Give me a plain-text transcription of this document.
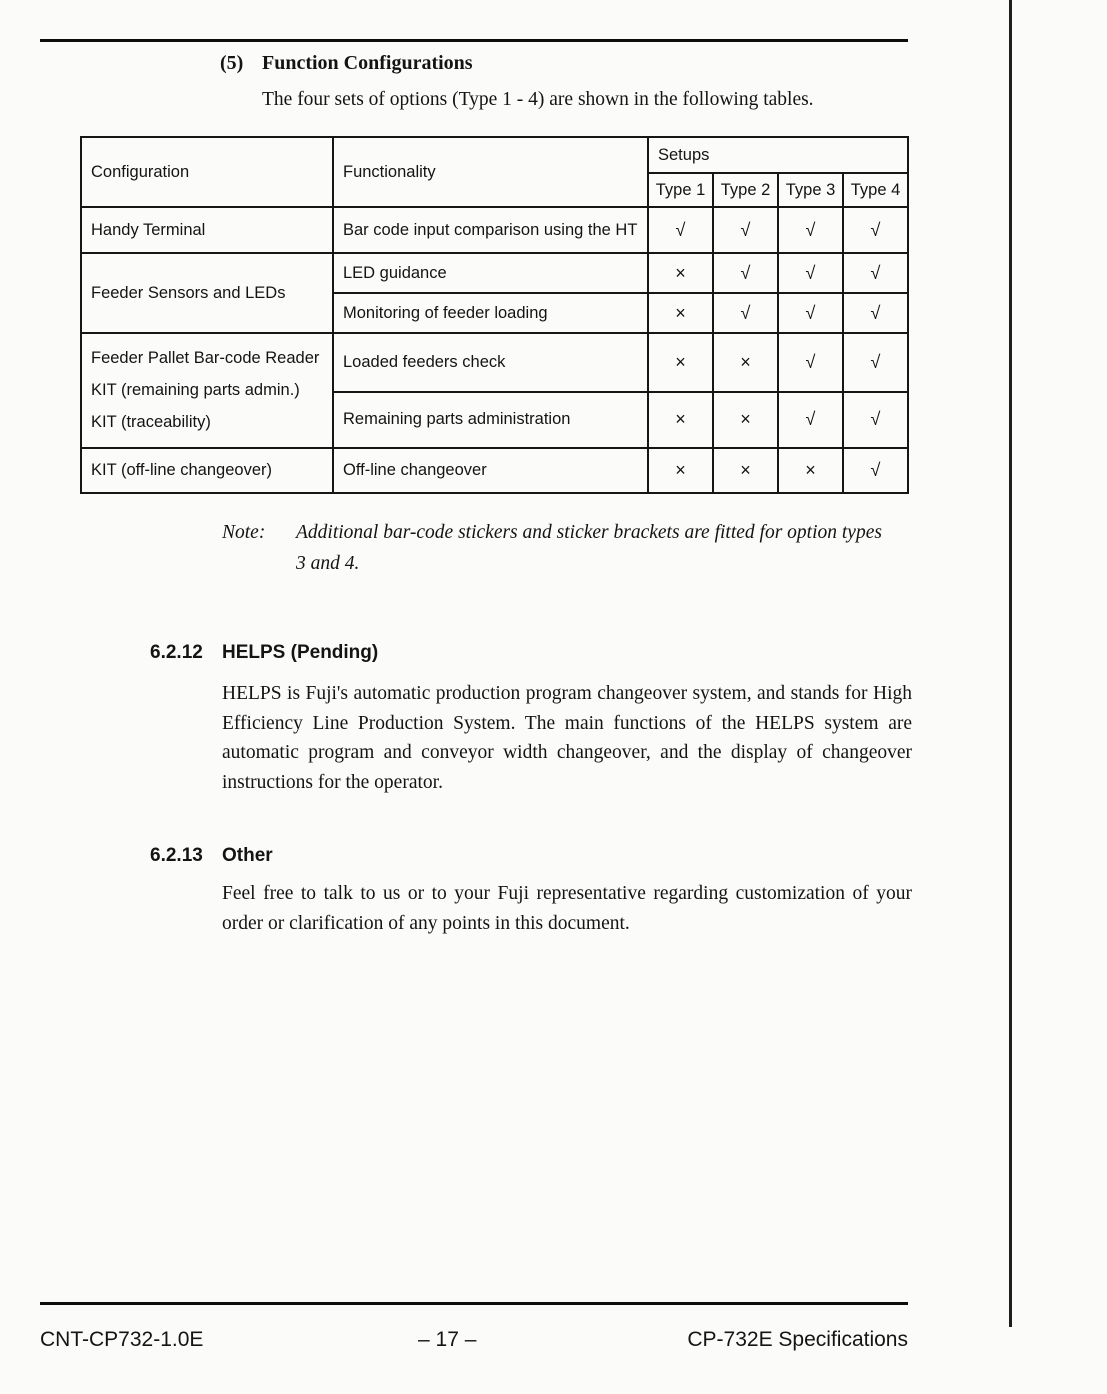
(5) Function Configurations
The four sets of options (Type 1 - 4) are shown in the following tables.
Configuration	Functionality	Setups			
		Type 1	Type 2	Type 3	Type 4
Handy Terminal	Bar code input comparison using the HT	√	√	√	√
Feeder Sensors and LEDs	LED guidance	×	√	√	√
	Monitoring of feeder loading	×	√	√	√

Feeder Pallet Bar-code Reader
KIT (remaining parts admin.)
KIT (traceability)	Loaded feeders check	×	×	√	√
	Remaining parts administration	×	×	√	√
KIT (off-line changeover)	Off-line changeover	×	×	×	√
Note:	Additional bar-code stickers and sticker brackets are fitted for option types 3 and 4.
6.2.12	HELPS (Pending)
HELPS is Fuji's automatic production program changeover system, and stands for High Efficiency Line Production System. The main functions of the HELPS system are automatic program and conveyor width changeover, and the display of changeover instructions for the operator.
6.2.13	Other
Feel free to talk to us or to your Fuji representative regarding customization of your order or clarification of any points in this document.
CNT-CP732-1.0E	– 17 –	CP-732E Specifications
